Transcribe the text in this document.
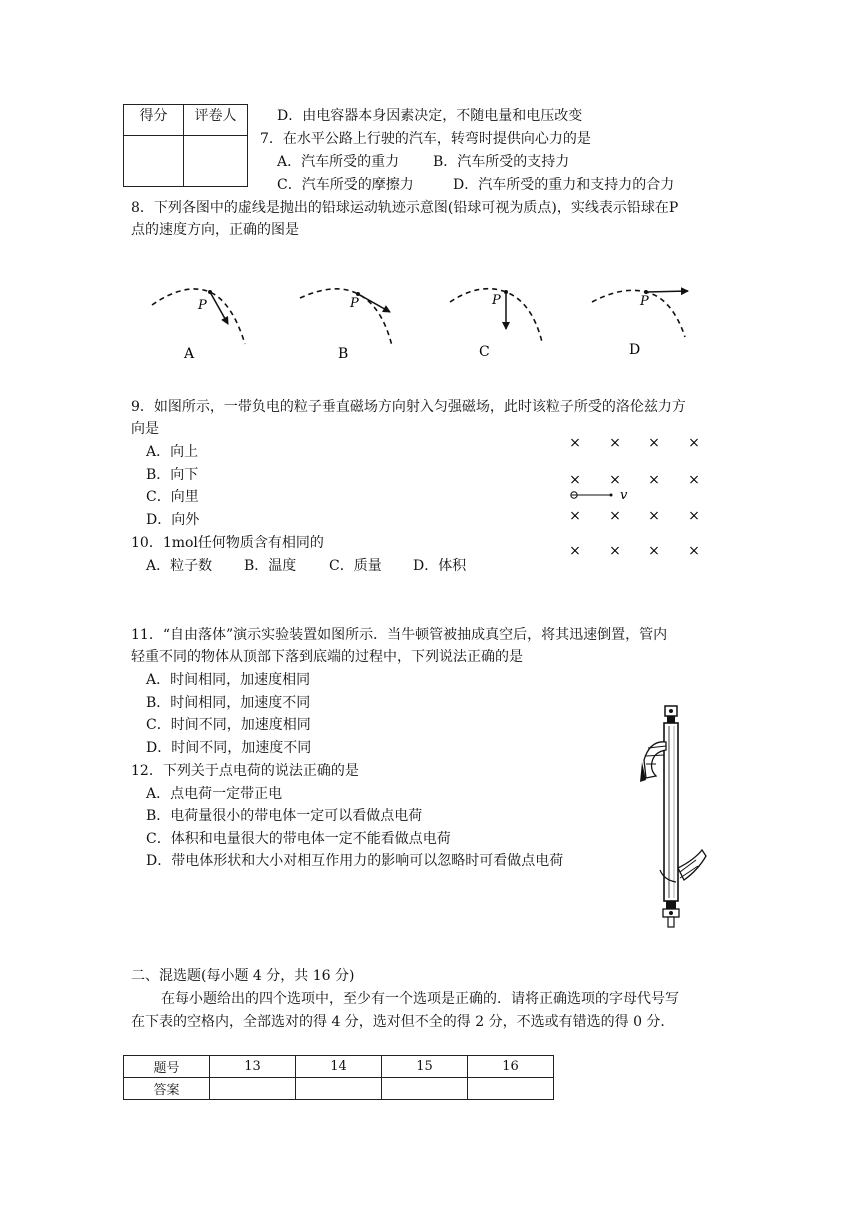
得分	评卷人
		D．由电容器本身因素决定，不随电量和电压改变
7．在水平公路上行驶的汽车，转弯时提供向心力的是
A．汽车所受的重力 B．汽车所受的支持力
C．汽车所受的摩擦力	D．汽车所受的重力和支持力的合力
8．下列各图中的虚线是抛出的铅球运动轨迹示意图(铅球可视为质点)，实线表示铅球在P
点的速度方向，正确的图是
P
A
P
B
P
C
P
D
9．如图所示，一带负电的粒子垂直磁场方向射入匀强磁场，此时该粒子所受的洛伦兹力方
向是
A．向上
B．向下
C．向里
D．向外
× × × ×
× × × ×
× × × ×
× × × ×
v
10．1mol任何物质含有相同的
A．粒子数 B．温度 C．质量 D．体积
11．“自由落体”演示实验装置如图所示．当牛顿管被抽成真空后，将其迅速倒置，管内
轻重不同的物体从顶部下落到底端的过程中，下列说法正确的是
A．时间相同，加速度相同
B．时间相同，加速度不同
C．时间不同，加速度相同
D．时间不同，加速度不同
12．下列关于点电荷的说法正确的是
A．点电荷一定带正电
B．电荷量很小的带电体一定可以看做点电荷
C．体积和电量很大的带电体一定不能看做点电荷
D．带电体形状和大小对相互作用力的影响可以忽略时可看做点电荷
二、混选题(每小题 4 分，共 16 分)
在每小题给出的四个选项中，至少有一个选项是正确的．请将正确选项的字母代号写
在下表的空格内，全部选对的得 4 分，选对但不全的得 2 分，不选或有错选的得 0 分．
题号	13	14	15	16
答案				
